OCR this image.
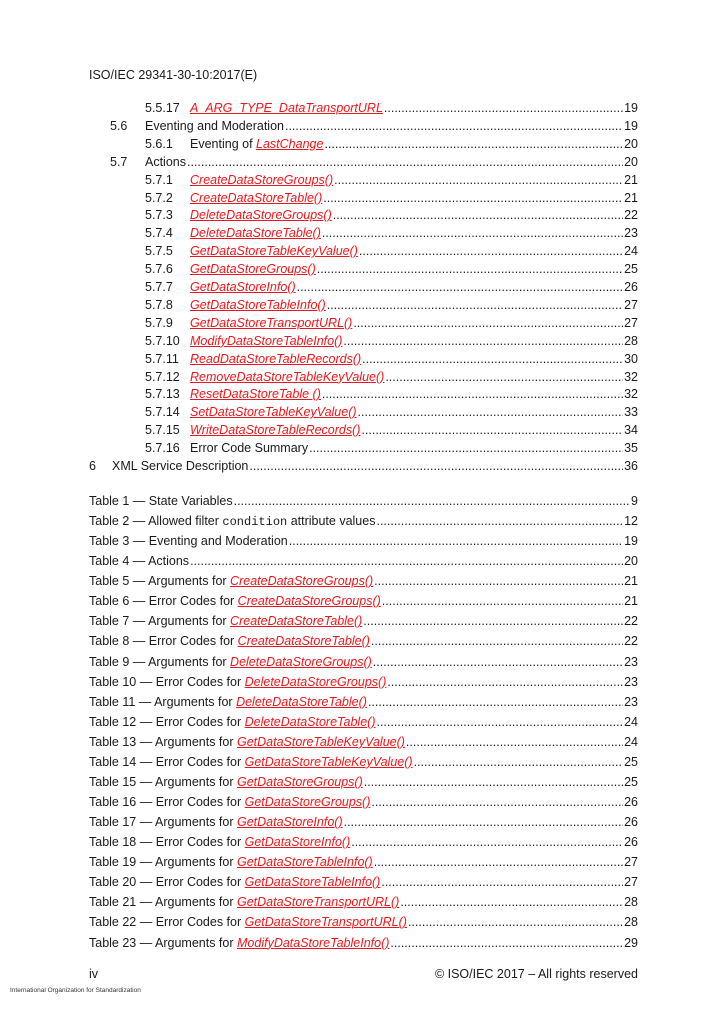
ISO/IEC 29341-30-10:2017(E)
5.5.17 A_ARG_TYPE_DataTransportURL .....	19
5.6 Eventing and Moderation .....	19
5.6.1 Eventing of LastChange .....	20
5.7 Actions .....	20
5.7.1 CreateDataStoreGroups() .....	21
5.7.2 CreateDataStoreTable() .....	21
5.7.3 DeleteDataStoreGroups() .....	22
5.7.4 DeleteDataStoreTable() .....	23
5.7.5 GetDataStoreTableKeyValue() .....	24
5.7.6 GetDataStoreGroups() .....	25
5.7.7 GetDataStoreInfo() .....	26
5.7.8 GetDataStoreTableInfo() .....	27
5.7.9 GetDataStoreTransportURL() .....	27
5.7.10 ModifyDataStoreTableInfo() .....	28
5.7.11 ReadDataStoreTableRecords() .....	30
5.7.12 RemoveDataStoreTableKeyValue() .....	32
5.7.13 ResetDataStoreTable () .....	32
5.7.14 SetDataStoreTableKeyValue() .....	33
5.7.15 WriteDataStoreTableRecords() .....	34
5.7.16 Error Code Summary .....	35
6 XML Service Description .....	36
Table 1 — State Variables .....	9
Table 2 — Allowed filter condition attribute values .....	12
Table 3 — Eventing and Moderation .....	19
Table 4 — Actions .....	20
Table 5 — Arguments for CreateDataStoreGroups() .....	21
Table 6 — Error Codes for CreateDataStoreGroups() .....	21
Table 7 — Arguments for CreateDataStoreTable() .....	22
Table 8 — Error Codes for CreateDataStoreTable() .....	22
Table 9 — Arguments for DeleteDataStoreGroups() .....	23
Table 10 — Error Codes for DeleteDataStoreGroups() .....	23
Table 11 — Arguments for DeleteDataStoreTable() .....	23
Table 12 — Error Codes for DeleteDataStoreTable() .....	24
Table 13 — Arguments for GetDataStoreTableKeyValue() .....	24
Table 14 — Error Codes for GetDataStoreTableKeyValue() .....	25
Table 15 — Arguments for GetDataStoreGroups() .....	25
Table 16 — Error Codes for GetDataStoreGroups() .....	26
Table 17 — Arguments for GetDataStoreInfo() .....	26
Table 18 — Error Codes for GetDataStoreInfo() .....	26
Table 19 — Arguments for GetDataStoreTableInfo() .....	27
Table 20 — Error Codes for GetDataStoreTableInfo() .....	27
Table 21 — Arguments for GetDataStoreTransportURL() .....	28
Table 22 — Error Codes for GetDataStoreTransportURL() .....	28
Table 23 — Arguments for ModifyDataStoreTableInfo() .....	29
iv	© ISO/IEC 2017 – All rights reserved
International Organization for Standardization
